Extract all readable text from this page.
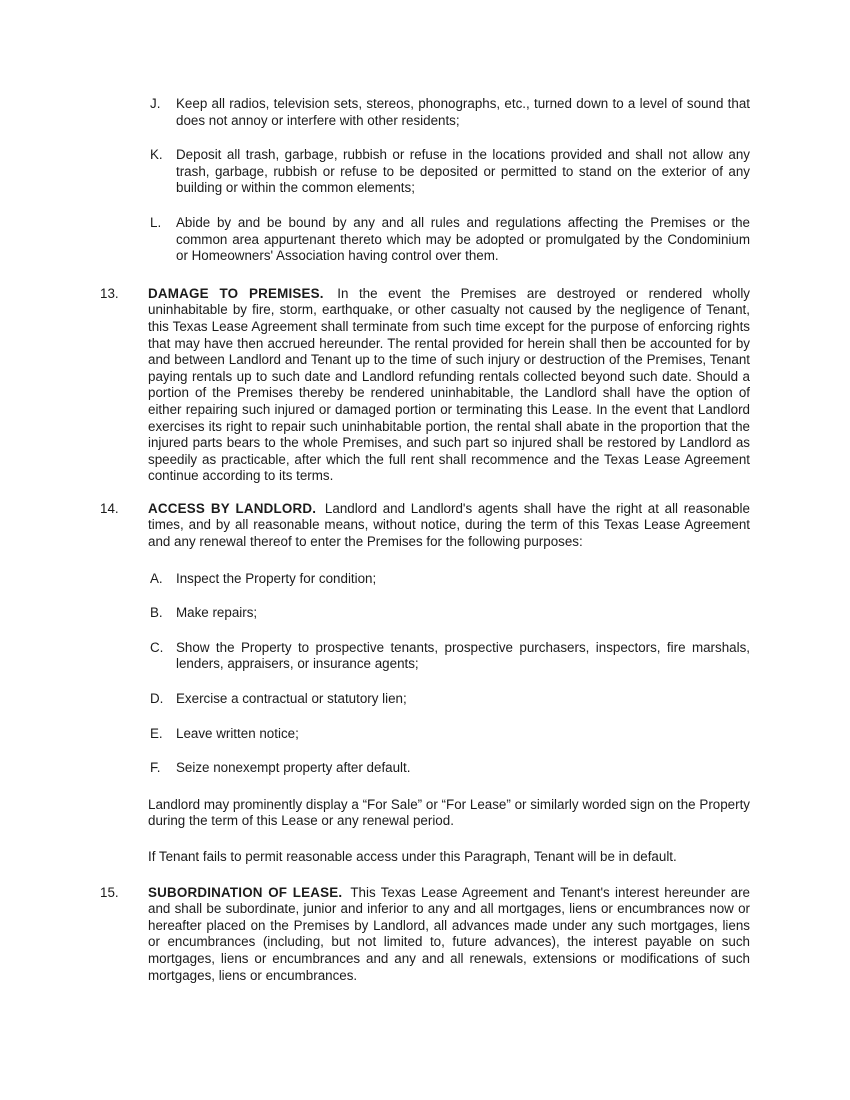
J.	Keep all radios, television sets, stereos, phonographs, etc., turned down to a level of sound that does not annoy or interfere with other residents;

K. Deposit all trash, garbage, rubbish or refuse in the locations provided and shall not allow any trash, garbage, rubbish or refuse to be deposited or permitted to stand on the exterior of any building or within the common elements;

L.	Abide by and be bound by any and all rules and regulations affecting the Premises or the common area appurtenant thereto which may be adopted or promulgated by the Condominium or Homeowners' Association having control over them.

13.	DAMAGE TO PREMISES. In the event the Premises are destroyed or rendered wholly uninhabitable by fire, storm, earthquake, or other casualty not caused by the negligence of Tenant, this Texas Lease Agreement shall terminate from such time except for the purpose of enforcing rights that may have then accrued hereunder. The rental provided for herein shall then be accounted for by and between Landlord and Tenant up to the time of such injury or destruction of the Premises, Tenant paying rentals up to such date and Landlord refunding rentals collected beyond such date. Should a portion of the Premises thereby be rendered uninhabitable, the Landlord shall have the option of either repairing such injured or damaged portion or terminating this Lease. In the event that Landlord exercises its right to repair such uninhabitable portion, the rental shall abate in the proportion that the injured parts bears to the whole Premises, and such part so injured shall be restored by Landlord as speedily as practicable, after which the full rent shall recommence and the Texas Lease Agreement continue according to its terms.

14.	ACCESS BY LANDLORD. Landlord and Landlord's agents shall have the right at all reasonable times, and by all reasonable means, without notice, during the term of this Texas Lease Agreement and any renewal thereof to enter the Premises for the following purposes:

A. Inspect the Property for condition;

B. Make repairs;

C. Show the Property to prospective tenants, prospective purchasers, inspectors, fire marshals, lenders, appraisers, or insurance agents;

D. Exercise a contractual or statutory lien;

E. Leave written notice;

F.	Seize nonexempt property after default.

Landlord may prominently display a “For Sale” or “For Lease” or similarly worded sign on the Property during the term of this Lease or any renewal period.

If Tenant fails to permit reasonable access under this Paragraph, Tenant will be in default.

15.	SUBORDINATION OF LEASE. This Texas Lease Agreement and Tenant's interest hereunder are and shall be subordinate, junior and inferior to any and all mortgages, liens or encumbrances now or hereafter placed on the Premises by Landlord, all advances made under any such mortgages, liens or encumbrances (including, but not limited to, future advances), the interest payable on such mortgages, liens or encumbrances and any and all renewals, extensions or modifications of such mortgages, liens or encumbrances.
